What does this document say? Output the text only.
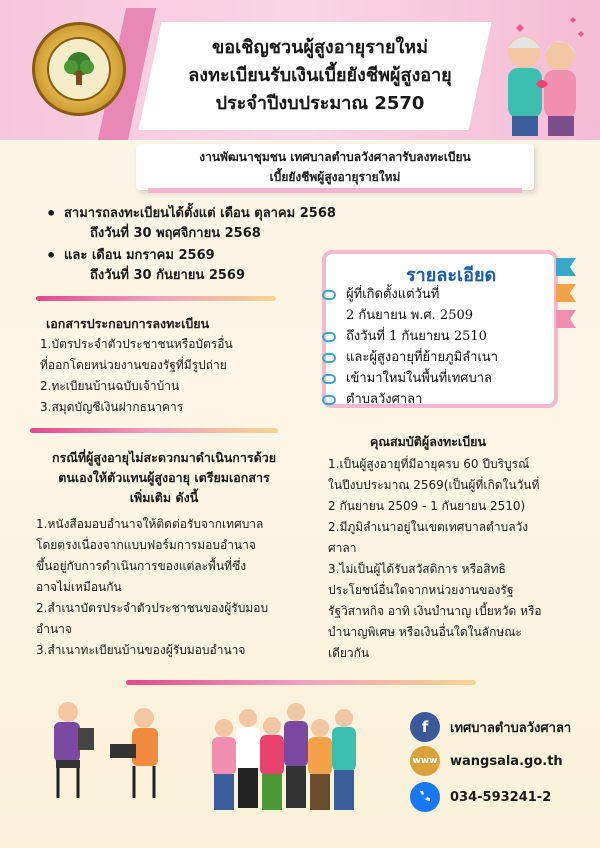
ขอเชิญชวนผู้สูงอายุรายใหม่
ลงทะเบียนรับเงินเบี้ยยังชีพผู้สูงอายุ
ประจำปีงบประมาณ 2570
งานพัฒนาชุมชน เทศบาลตำบลวังศาลารับลงทะเบียน
เบี้ยยังชีพผู้สูงอายุรายใหม่
• สามารถลงทะเบียนได้ตั้งแต่ เดือน ตุลาคม 2568
ถึงวันที่ 30 พฤศจิกายน 2568
• และ เดือน มกราคม 2569
ถึงวันที่ 30 กันยายน 2569
เอกสารประกอบการลงทะเบียน
1.บัตรประจำตัวประชาชนหรือบัตรอื่น
ที่ออกโดยหน่วยงานของรัฐที่มีรูปถ่าย
2.ทะเบียนบ้านฉบับเจ้าบ้าน
3.สมุดบัญชีเงินฝากธนาคาร
รายละเอียด
ผู้ที่เกิดตั้งแต่วันที่
2 กันยายน พ.ศ. 2509
ถึงวันที่ 1 กันยายน 2510
และผู้สูงอายุที่ย้ายภูมิลำเนา
เข้ามาใหม่ในพื้นที่เทศบาล
ตำบลวังศาลา
คุณสมบัติผู้ลงทะเบียน
1.เป็นผู้สูงอายุที่มีอายุครบ 60 ปีบริบูรณ์
ในปีงบประมาณ 2569(เป็นผู้ที่เกิดในวันที่
2 กันยายน 2509 - 1 กันยายน 2510)
2.มีภูมิลำเนาอยู่ในเขตเทศบาลตำบลวัง
ศาลา
3.ไม่เป็นผู้ได้รับสวัสดิการ หรือสิทธิ
ประโยชน์อื่นใดจากหน่วยงานของรัฐ
รัฐวิสาหกิจ อาทิ เงินบำนาญ เบี้ยหวัด หรือ
บำนาญพิเศษ หรือเงินอื่นใดในลักษณะ
เดียวกัน
กรณีที่ผู้สูงอายุไม่สะดวกมาดำเนินการด้วย
ตนเองให้ตัวแทนผู้สูงอายุ เตรียมเอกสาร
เพิ่มเติม ดังนี้
1.หนังสือมอบอำนาจให้ติดต่อรับจากเทศบาล
โดยตรงเนื่องจากแบบฟอร์มการมอบอำนาจ
ขึ้นอยู่กับการดำเนินการของแต่ละพื้นที่ซึ่ง
อาจไม่เหมือนกัน
2.สำเนาบัตรประจำตัวประชาชนของผู้รับมอบ
อำนาจ
3.สำเนาทะเบียนบ้านของผู้รับมอบอำนาจ
f	เทศบาลตำบลวังศาลา
www wangsala.go.th
034-593241-2
